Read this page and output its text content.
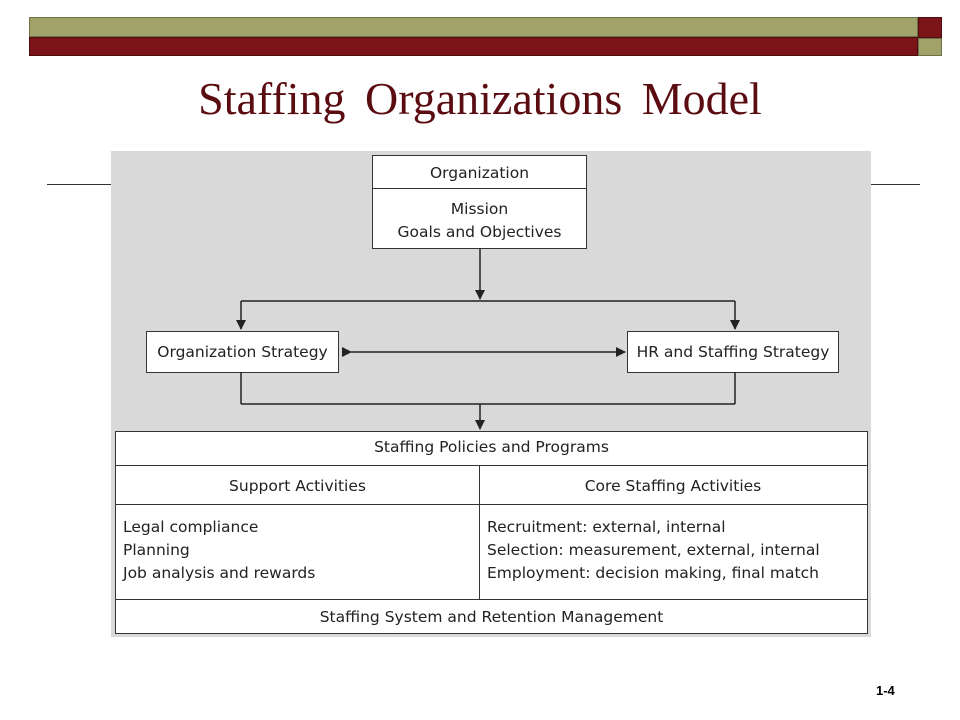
Staffing Organizations Model
Organization
Mission
Goals and Objectives
Organization Strategy	HR and Staffing Strategy
Staffing Policies and Programs
Support Activities	Core Staffing Activities
Legal compliance
Planning
Job analysis and rewards
Recruitment: external, internal
Selection: measurement, external, internal
Employment: decision making, final match
Staffing System and Retention Management
1-4
